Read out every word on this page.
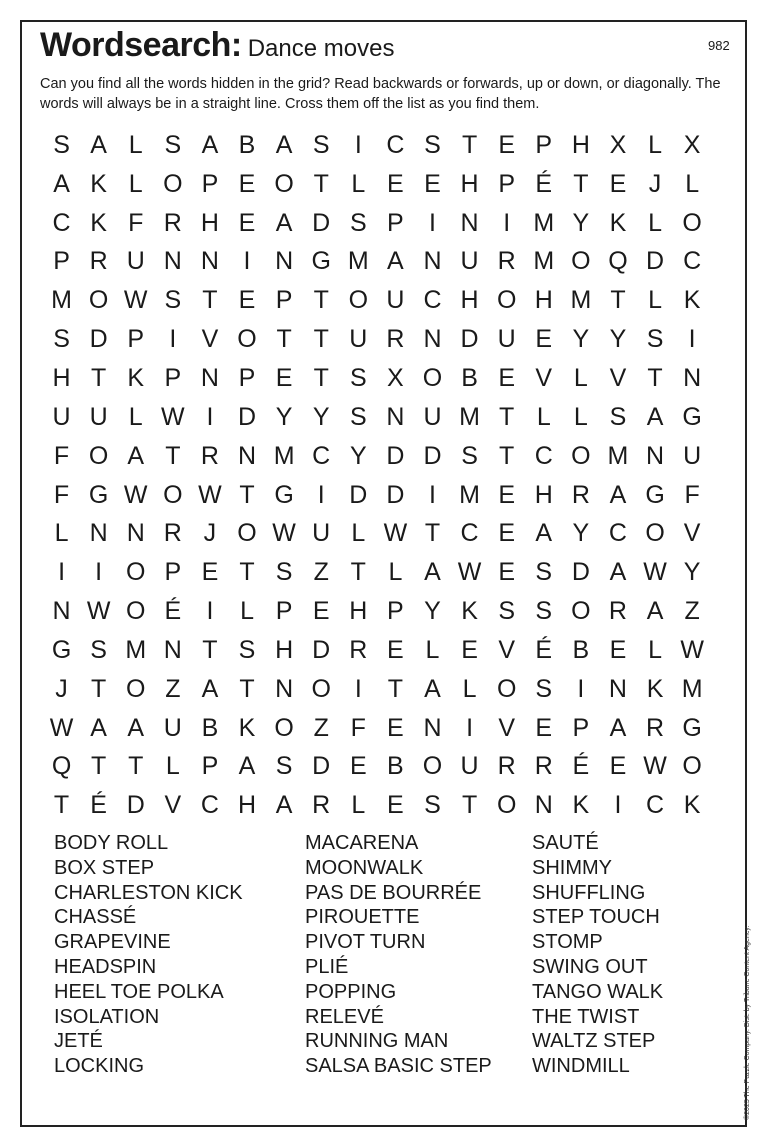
Wordsearch: Dance moves	982
Can you find all the words hidden in the grid? Read backwards or forwards, up or down, or diagonally. The words will always be in a straight line. Cross them off the list as you find them.
S A L S A B A S	I C S T E P H X L X
A K L O P E O T L E E H P É T E J L
C K F R H E A D S P	I N I M Y K L O
P R U N N I N G M A N U R M O Q D C
M O W S T E P T O U C H O H M T L K
S D P	I	V O T T U R N D U E Y Y S	I
H T K P N P E T S X O B E V L V T N
U U L W I D Y Y S N U M T L L S A G
F O A T R N M C Y D D S T C O M N U
F G W O W T G I D D I M E H R A G F
L N N R J O W U L W T C E A Y C O V
I	I O P E T S Z T L A W E S D A W Y
N W O É	I	L P E H P Y K S S O R A Z
G S M N T S H D R E L E V É B E L W
J T O Z A T N O I	T A L O S	I N K M
W A A U B K O Z F E N I	V E P A R G
Q T T L P A S D E B O U R R É E W O
T É D V C H A R L E S T O N K	I C K
BODY ROLL
BOX STEP
CHARLESTON KICK
CHASSÉ
GRAPEVINE
HEADSPIN
HEEL TOE POLKA
ISOLATION
JETÉ
LOCKING
MACARENA
MOONWALK
PAS DE BOURRÉE
PIROUETTE
PIVOT TURN
PLIÉ
POPPING
RELEVÉ
RUNNING MAN
SALSA BASIC STEP
SAUTÉ
SHIMMY
SHUFFLING
STEP TOUCH
STOMP
SWING OUT
TANGO WALK
THE TWIST
WALTZ STEP
WINDMILL	©2025 The Puzzle Company. Dist. by Tribune Content Agency.
